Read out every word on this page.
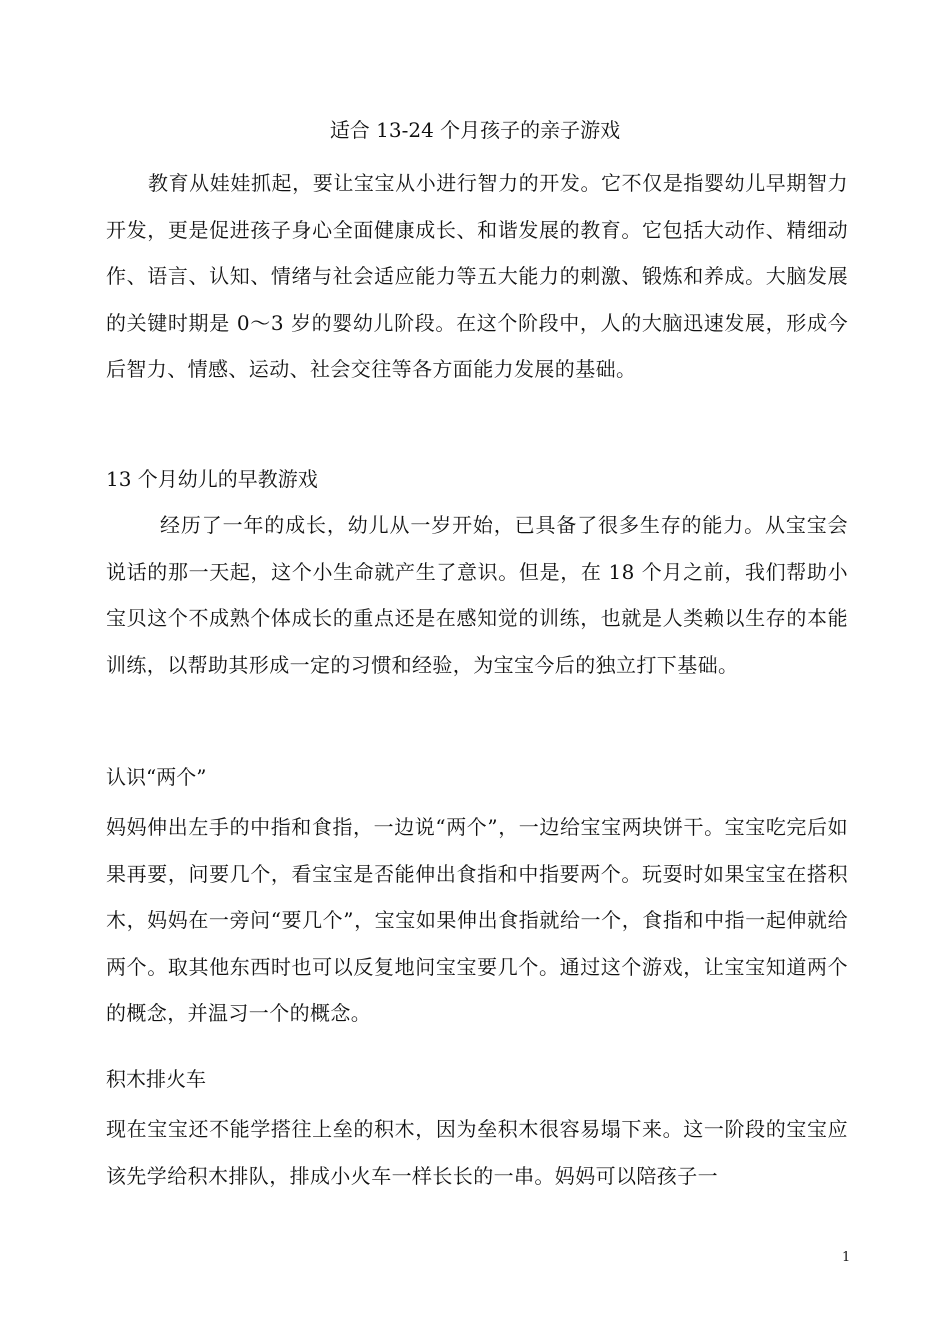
适合 13-24 个月孩子的亲子游戏
教育从娃娃抓起，要让宝宝从小进行智力的开发。它不仅是指婴幼儿早期智力开发，更是促进孩子身心全面健康成长、和谐发展的教育。它包括大动作、精细动作、语言、认知、情绪与社会适应能力等五大能力的刺激、锻炼和养成。大脑发展的关键时期是 0～3 岁的婴幼儿阶段。在这个阶段中，人的大脑迅速发展，形成今后智力、情感、运动、社会交往等各方面能力发展的基础。
13 个月幼儿的早教游戏
经历了一年的成长，幼儿从一岁开始，已具备了很多生存的能力。从宝宝会说话的那一天起，这个小生命就产生了意识。但是，在 18 个月之前，我们帮助小宝贝这个不成熟个体成长的重点还是在感知觉的训练，也就是人类赖以生存的本能训练，以帮助其形成一定的习惯和经验，为宝宝今后的独立打下基础。
认识“两个”
妈妈伸出左手的中指和食指，一边说“两个”，一边给宝宝两块饼干。宝宝吃完后如果再要，问要几个，看宝宝是否能伸出食指和中指要两个。玩耍时如果宝宝在搭积木，妈妈在一旁问“要几个”，宝宝如果伸出食指就给一个，食指和中指一起伸就给两个。取其他东西时也可以反复地问宝宝要几个。通过这个游戏，让宝宝知道两个的概念，并温习一个的概念。
积木排火车
现在宝宝还不能学搭往上垒的积木，因为垒积木很容易塌下来。这一阶段的宝宝应该先学给积木排队，排成小火车一样长长的一串。妈妈可以陪孩子一
1
